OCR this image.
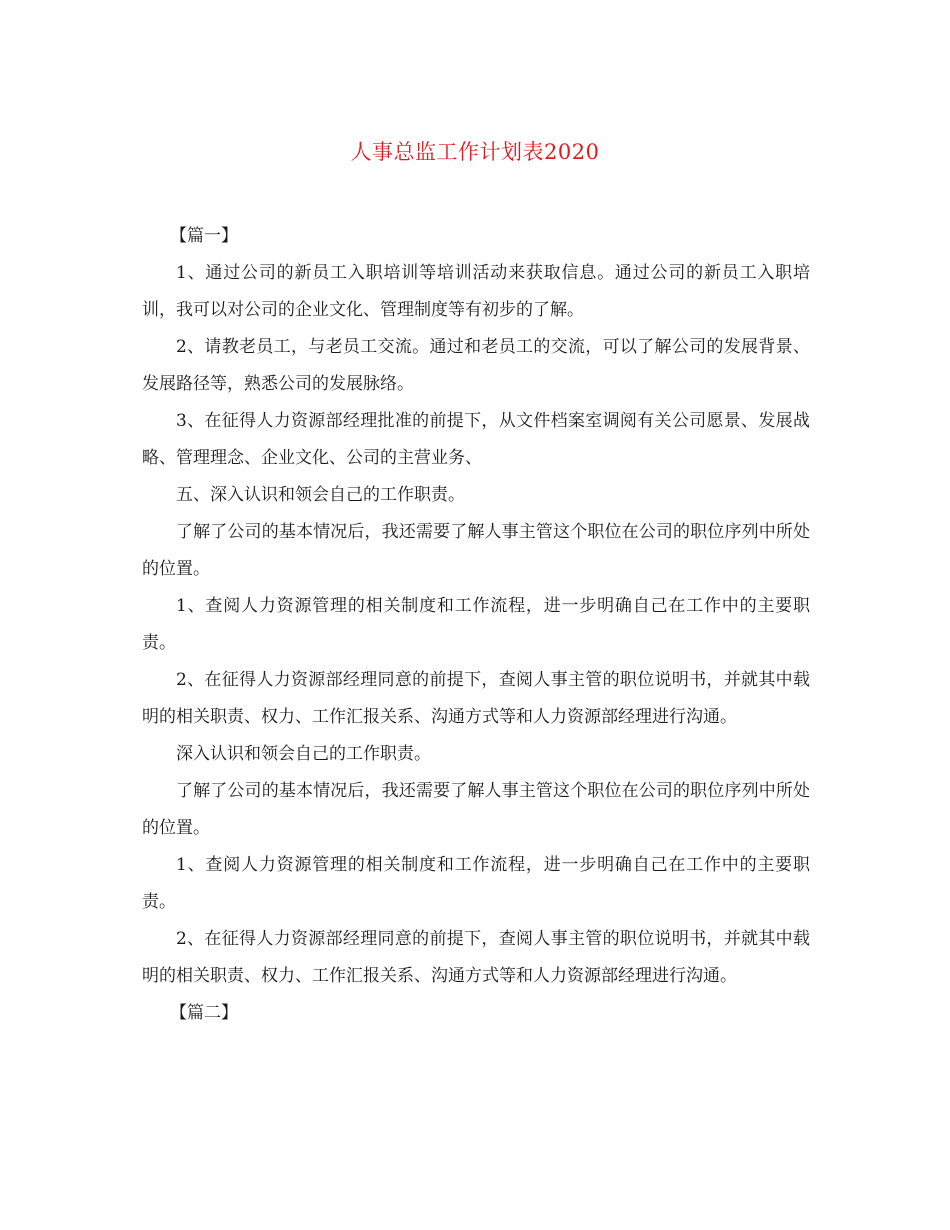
人事总监工作计划表2020

【篇一】

1、通过公司的新员工入职培训等培训活动来获取信息。通过公司的新员工入职培训，我可以对公司的企业文化、管理制度等有初步的了解。

2、请教老员工，与老员工交流。通过和老员工的交流，可以了解公司的发展背景、发展路径等，熟悉公司的发展脉络。

3、在征得人力资源部经理批准的前提下，从文件档案室调阅有关公司愿景、发展战略、管理理念、企业文化、公司的主营业务、

五、深入认识和领会自己的工作职责。

了解了公司的基本情况后，我还需要了解人事主管这个职位在公司的职位序列中所处的位置。

1、查阅人力资源管理的相关制度和工作流程，进一步明确自己在工作中的主要职责。

2、在征得人力资源部经理同意的前提下，查阅人事主管的职位说明书，并就其中载明的相关职责、权力、工作汇报关系、沟通方式等和人力资源部经理进行沟通。

深入认识和领会自己的工作职责。

了解了公司的基本情况后，我还需要了解人事主管这个职位在公司的职位序列中所处的位置。

1、查阅人力资源管理的相关制度和工作流程，进一步明确自己在工作中的主要职责。

2、在征得人力资源部经理同意的前提下，查阅人事主管的职位说明书，并就其中载明的相关职责、权力、工作汇报关系、沟通方式等和人力资源部经理进行沟通。

【篇二】
